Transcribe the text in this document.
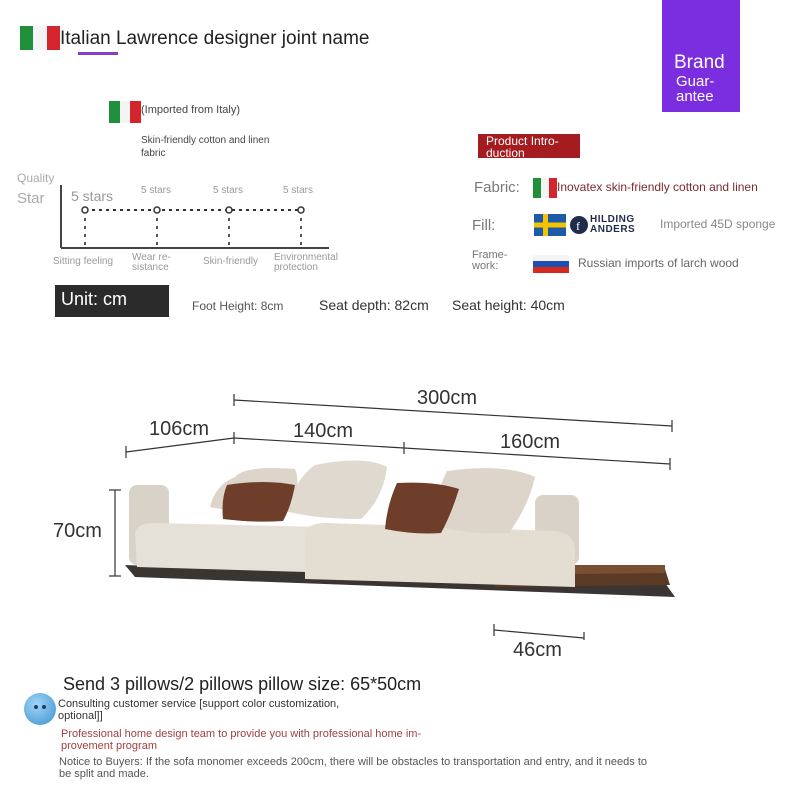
Italian Lawrence designer joint name
Brand
Guar-
antee
(Imported from Italy)
Skin-friendly cotton and linen fabric
Product Intro-
duction
Quality
Star 5 stars	5 stars	5 stars	5 stars
Sitting feeling Wear re-
sistance
Skin-friendly Environmental
protection
Fabric:	Inovatex skin-friendly cotton and linen
Fill:	f HILDING
ANDERS Imported 45D sponge
Frame-
work:	Russian imports of larch wood
Unit: cm	Foot Height: 8cm	Seat depth: 82cm Seat height: 40cm
300cm
106cm	140cm	160cm
70cm
46cm
Send 3 pillows/2 pillows pillow size: 65*50cm
Consulting customer service [support color customization, optional]]
Professional home design team to provide you with professional home im-
provement program
Notice to Buyers: If the sofa monomer exceeds 200cm, there will be obstacles to transportation and entry, and it needs to be split and made.
